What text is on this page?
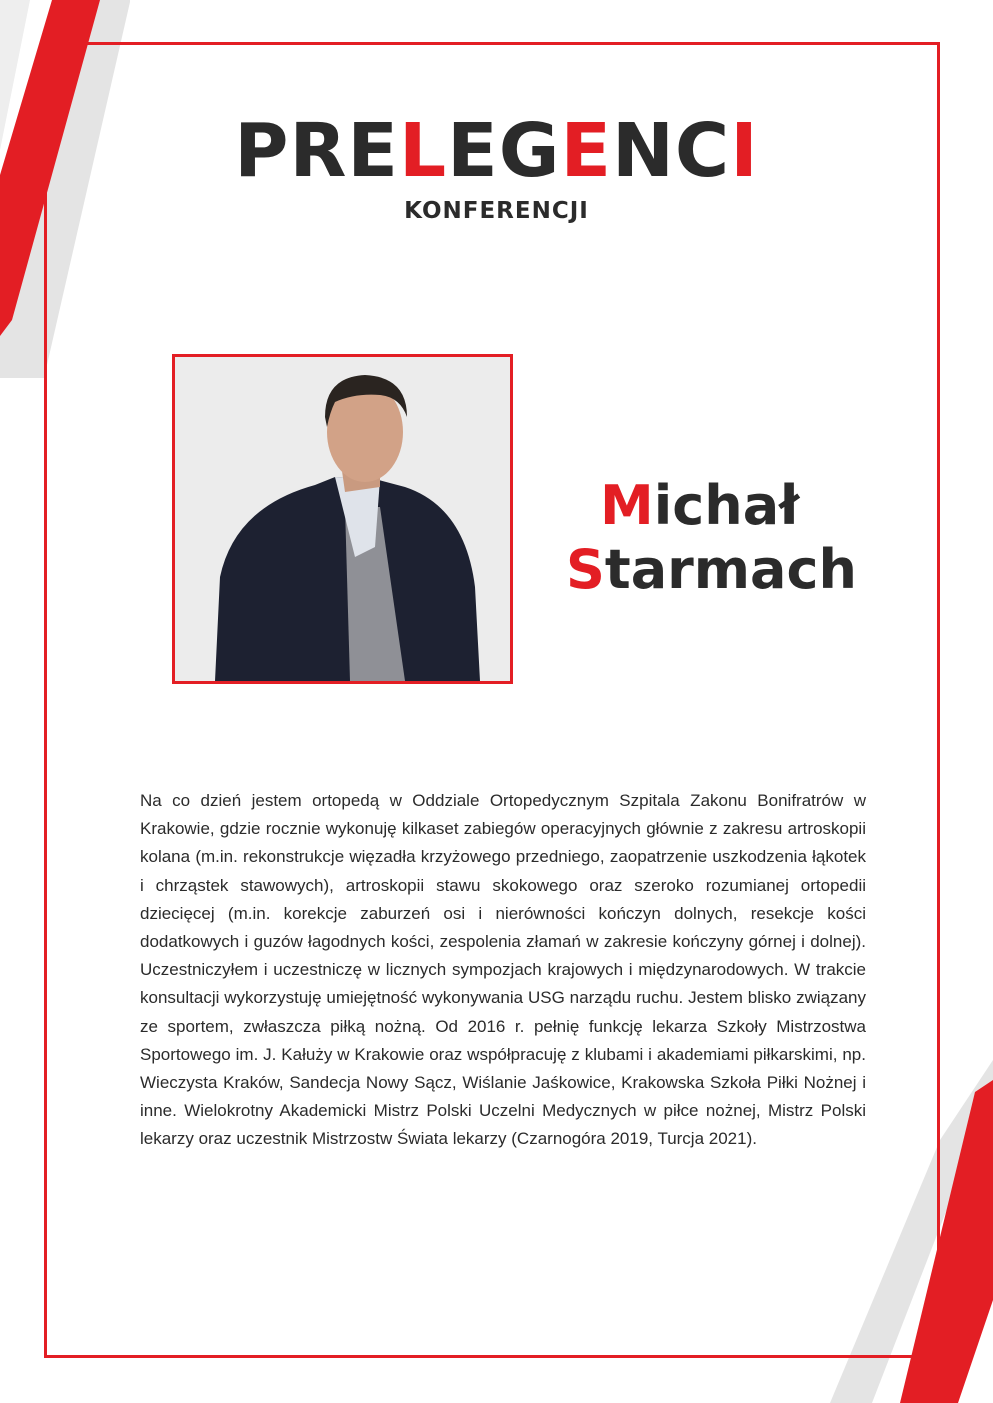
PRELEGENCI
KONFERENCJI
Michał
Starmach
Na co dzień jestem ortopedą w Oddziale Ortopedycznym Szpitala Zakonu Bonifratrów w Krakowie, gdzie rocznie wykonuję kilkaset zabiegów operacyjnych głównie z zakresu artroskopii kolana (m.in. rekonstrukcje więzadła krzyżowego przedniego, zaopatrzenie uszkodzenia łąkotek i chrząstek stawowych), artroskopii stawu skokowego oraz szeroko rozumianej ortopedii dziecięcej (m.in. korekcje zaburzeń osi i nierówności kończyn dolnych, resekcje kości dodatkowych i guzów łagodnych kości, zespolenia złamań w zakresie kończyny górnej i dolnej). Uczestniczyłem i uczestniczę w licznych sympozjach krajowych i międzynarodowych. W trakcie konsultacji wykorzystuję umiejętność wykonywania USG narządu ruchu. Jestem blisko związany ze sportem, zwłaszcza piłką nożną. Od 2016 r. pełnię funkcję lekarza Szkoły Mistrzostwa Sportowego im. J. Kałuży w Krakowie oraz współpracuję z klubami i akademiami piłkarskimi, np. Wieczysta Kraków, Sandecja Nowy Sącz, Wiślanie Jaśkowice, Krakowska Szkoła Piłki Nożnej i inne. Wielokrotny Akademicki Mistrz Polski Uczelni Medycznych w piłce nożnej, Mistrz Polski lekarzy oraz uczestnik Mistrzostw Świata lekarzy (Czarnogóra 2019, Turcja 2021).
